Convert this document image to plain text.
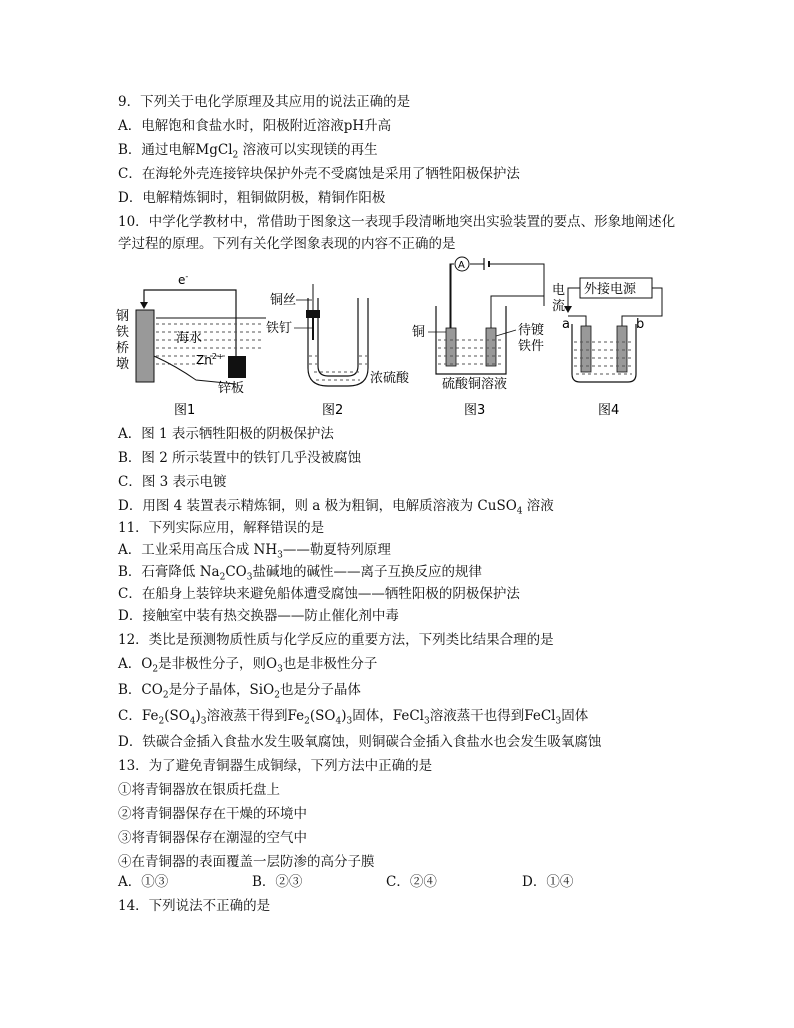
9．下列关于电化学原理及其应用的说法正确的是
A．电解饱和食盐水时，阳极附近溶液pH升高
B．通过电解MgCl$_2$ 溶液可以实现镁的再生
C．在海轮外壳连接锌块保护外壳不受腐蚀是采用了牺牲阳极保护法
D．电解精炼铜时，粗铜做阴极，精铜作阳极
10．中学化学教材中，常借助于图象这一表现手段清晰地突出实验装置的要点、形象地阐述化
学过程的原理。下列有关化学图象表现的内容不正确的是
e-
钢
铁
桥
墩
海水
$Zn^{2+}$
锌板
图1
铜丝
铁钉
浓硫酸
图2
A
铜	待镀
铁件
硫酸铜溶液
图3
外接电源
电
流
a	b
图4
A．图 1 表示牺牲阳极的阴极保护法
B．图 2 所示装置中的铁钉几乎没被腐蚀
C．图 3 表示电镀
D．用图 4 装置表示精炼铜，则 a 极为粗铜，电解质溶液为 CuSO$_4$ 溶液
11．下列实际应用，解释错误的是
A．工业采用高压合成 $NH_3——$勒夏特列原理
B．石膏降低 $Na_2CO_3$盐碱地的碱性——离子互换反应的规律
C．在船身上装锌块来避免船体遭受腐蚀——牺牲阳极的阴极保护法
D．接触室中装有热交换器——防止催化剂中毒
12．类比是预测物质性质与化学反应的重要方法，下列类比结果合理的是
A．$O_2$是非极性分子，则$O_3$也是非极性分子
B．$CO_2$是分子晶体，SiO$_2$也是分子晶体
C．$Fe_2(SO_4)_3$溶液蒸干得到$Fe_2(SO_4)_3$固体，FeCl$_3$溶液蒸干也得到FeCl$_3$固体
D．铁碳合金插入食盐水发生吸氧腐蚀，则铜碳合金插入食盐水也会发生吸氧腐蚀
13．为了避免青铜器生成铜绿，下列方法中正确的是
①将青铜器放在银质托盘上
②将青铜器保存在干燥的环境中
③将青铜器保存在潮湿的空气中
④在青铜器的表面覆盖一层防渗的高分子膜
A．①③	B．②③	C．②④	D．①④
14．下列说法不正确的是
